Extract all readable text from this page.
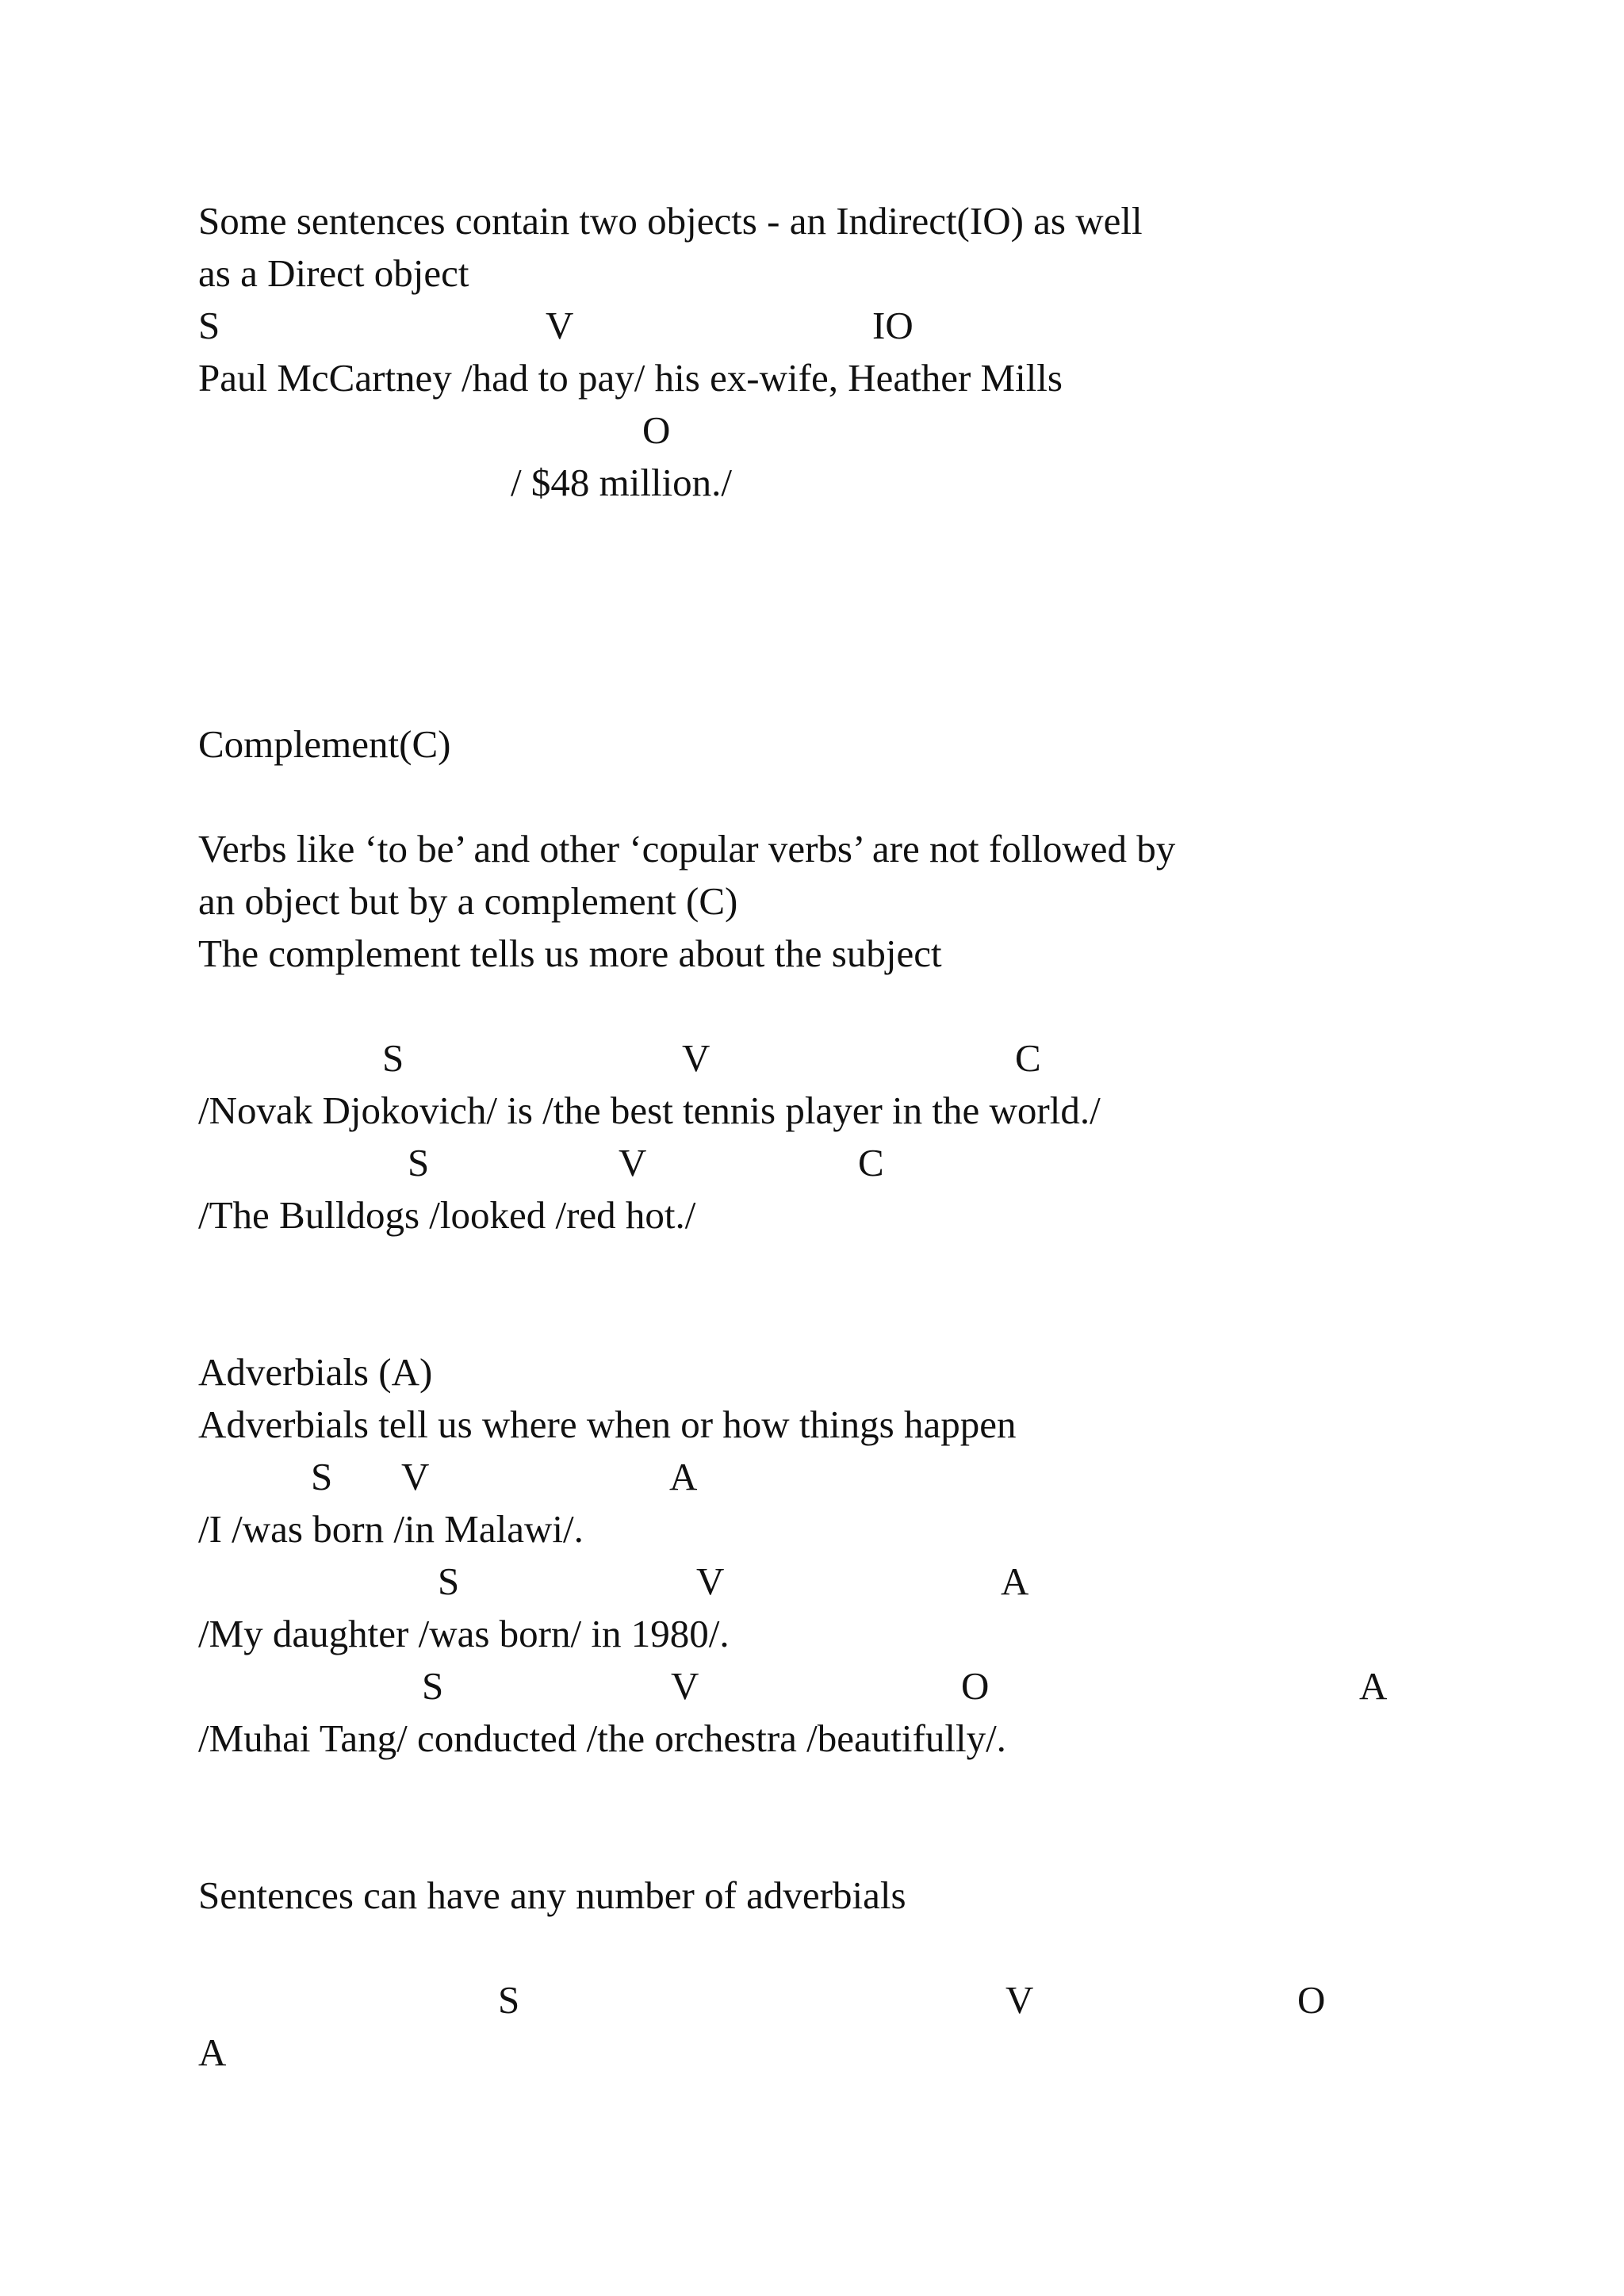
Some sentences contain two objects - an Indirect(IO) as well
as a Direct object
S	V	IO
Paul McCartney /had to pay/ his ex-wife, Heather Mills
O
/ $48 million./
Complement(C)
Verbs like ‘to be’ and other ‘copular verbs’ are not followed by
an object but by a complement (C)
The complement tells us more about the subject
S	V	C
/Novak Djokovich/ is /the best tennis player in the world./
S	V	C
/The Bulldogs /looked /red hot./
Adverbials (A)
Adverbials tell us where when or how things happen
S V	A
/I /was born /in Malawi/.
S	V	A
/My daughter /was born/ in 1980/.
S	V	O	A
/Muhai Tang/ conducted /the orchestra /beautifully/.
Sentences can have any number of adverbials
S	V	O
A
